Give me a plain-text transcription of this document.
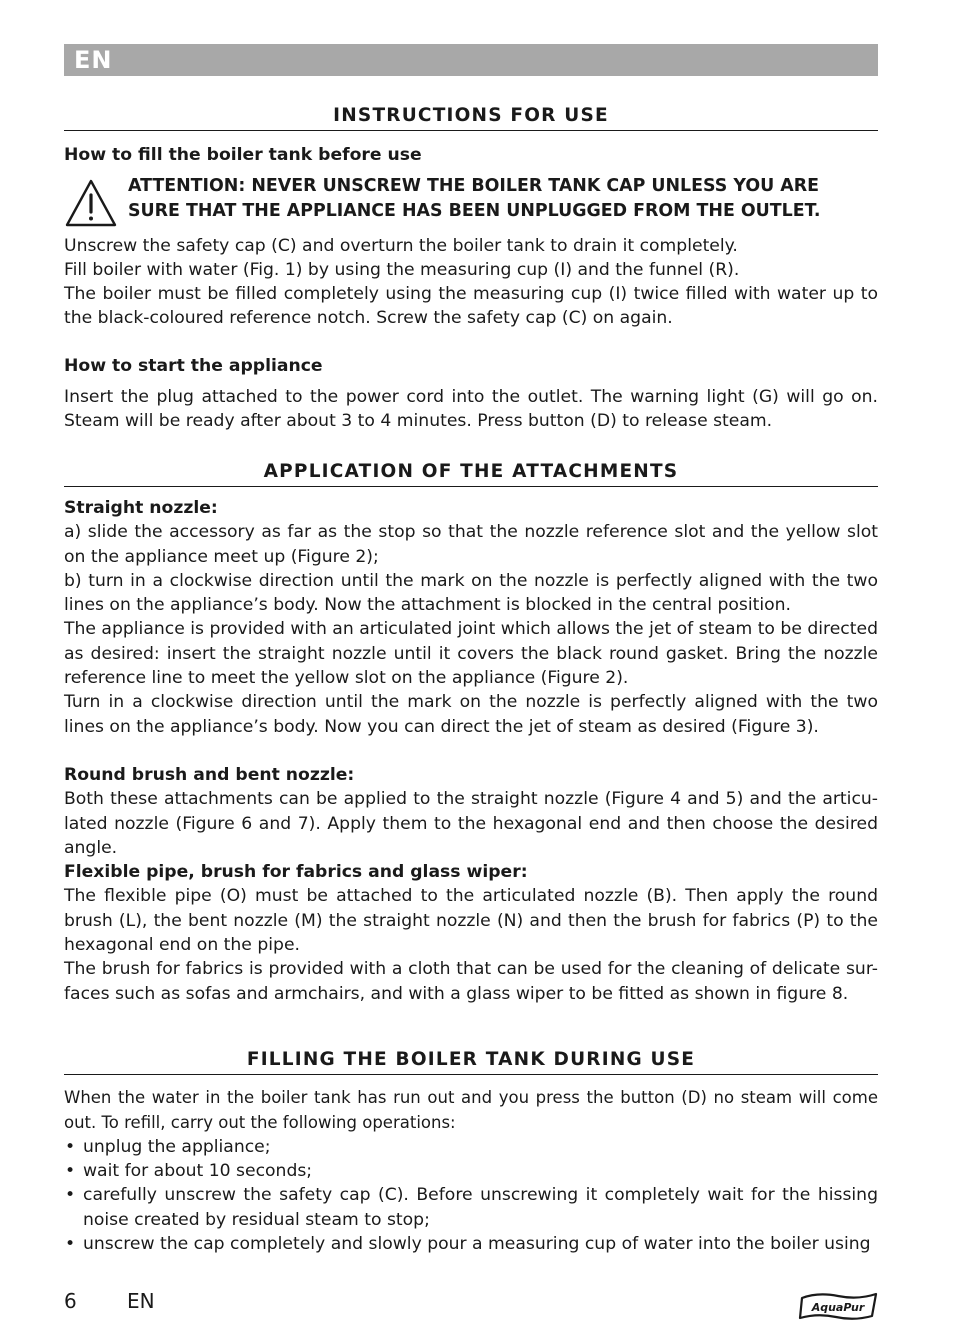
EN
INSTRUCTIONS FOR USE
How to fill the boiler tank before use
ATTENTION: NEVER UNSCREW THE BOILER TANK CAP UNLESS YOU ARE
SURE THAT THE APPLIANCE HAS BEEN UNPLUGGED FROM THE OUTLET.

Unscrew the safety cap (C) and overturn the boiler tank to drain it completely.

Fill boiler with water (Fig. 1) by using the measuring cup (I) and the funnel (R).

The boiler must be filled completely using the measuring cup (I) twice filled with water up to the black-coloured reference notch. Screw the safety cap (C) on again.

How to start the appliance

Insert the plug attached to the power cord into the outlet. The warning light (G) will go on. Steam will be ready after about 3 to 4 minutes. Press button (D) to release steam.

APPLICATION OF THE ATTACHMENTS
Straight nozzle:

a) slide the accessory as far as the stop so that the nozzle reference slot and the yellow slot on the appliance meet up (Figure 2);

b) turn in a clockwise direction until the mark on the nozzle is perfectly aligned with the two lines on the appliance’s body. Now the attachment is blocked in the central position.

The appliance is provided with an articulated joint which allows the jet of steam to be directed as desired: insert the straight nozzle until it covers the black round gasket. Bring the nozzle reference line to meet the yellow slot on the appliance (Figure 2).

Turn in a clockwise direction until the mark on the nozzle is perfectly aligned with the two lines on the appliance’s body. Now you can direct the jet of steam as desired (Figure 3).

Round brush and bent nozzle:

Both these attachments can be applied to the straight nozzle (Figure 4 and 5) and the articu-lated nozzle (Figure 6 and 7). Apply them to the hexagonal end and then choose the desired angle.

Flexible pipe, brush for fabrics and glass wiper:

The flexible pipe (O) must be attached to the articulated nozzle (B). Then apply the round brush (L), the bent nozzle (M) the straight nozzle (N) and then the brush for fabrics (P) to the hexagonal end on the pipe.

The brush for fabrics is provided with a cloth that can be used for the cleaning of delicate sur-faces such as sofas and armchairs, and with a glass wiper to be fitted as shown in figure 8.

FILLING THE BOILER TANK DURING USE

When the water in the boiler tank has run out and you press the button (D) no steam will come out. To refill, carry out the following operations:

• unplug the appliance;
• wait for about 10 seconds;
• carefully unscrew the safety cap (C). Before unscrewing it completely wait for the hissing noise created by residual steam to stop;
• unscrew the cap completely and slowly pour a measuring cup of water into the boiler using
6	EN	AquaPur
